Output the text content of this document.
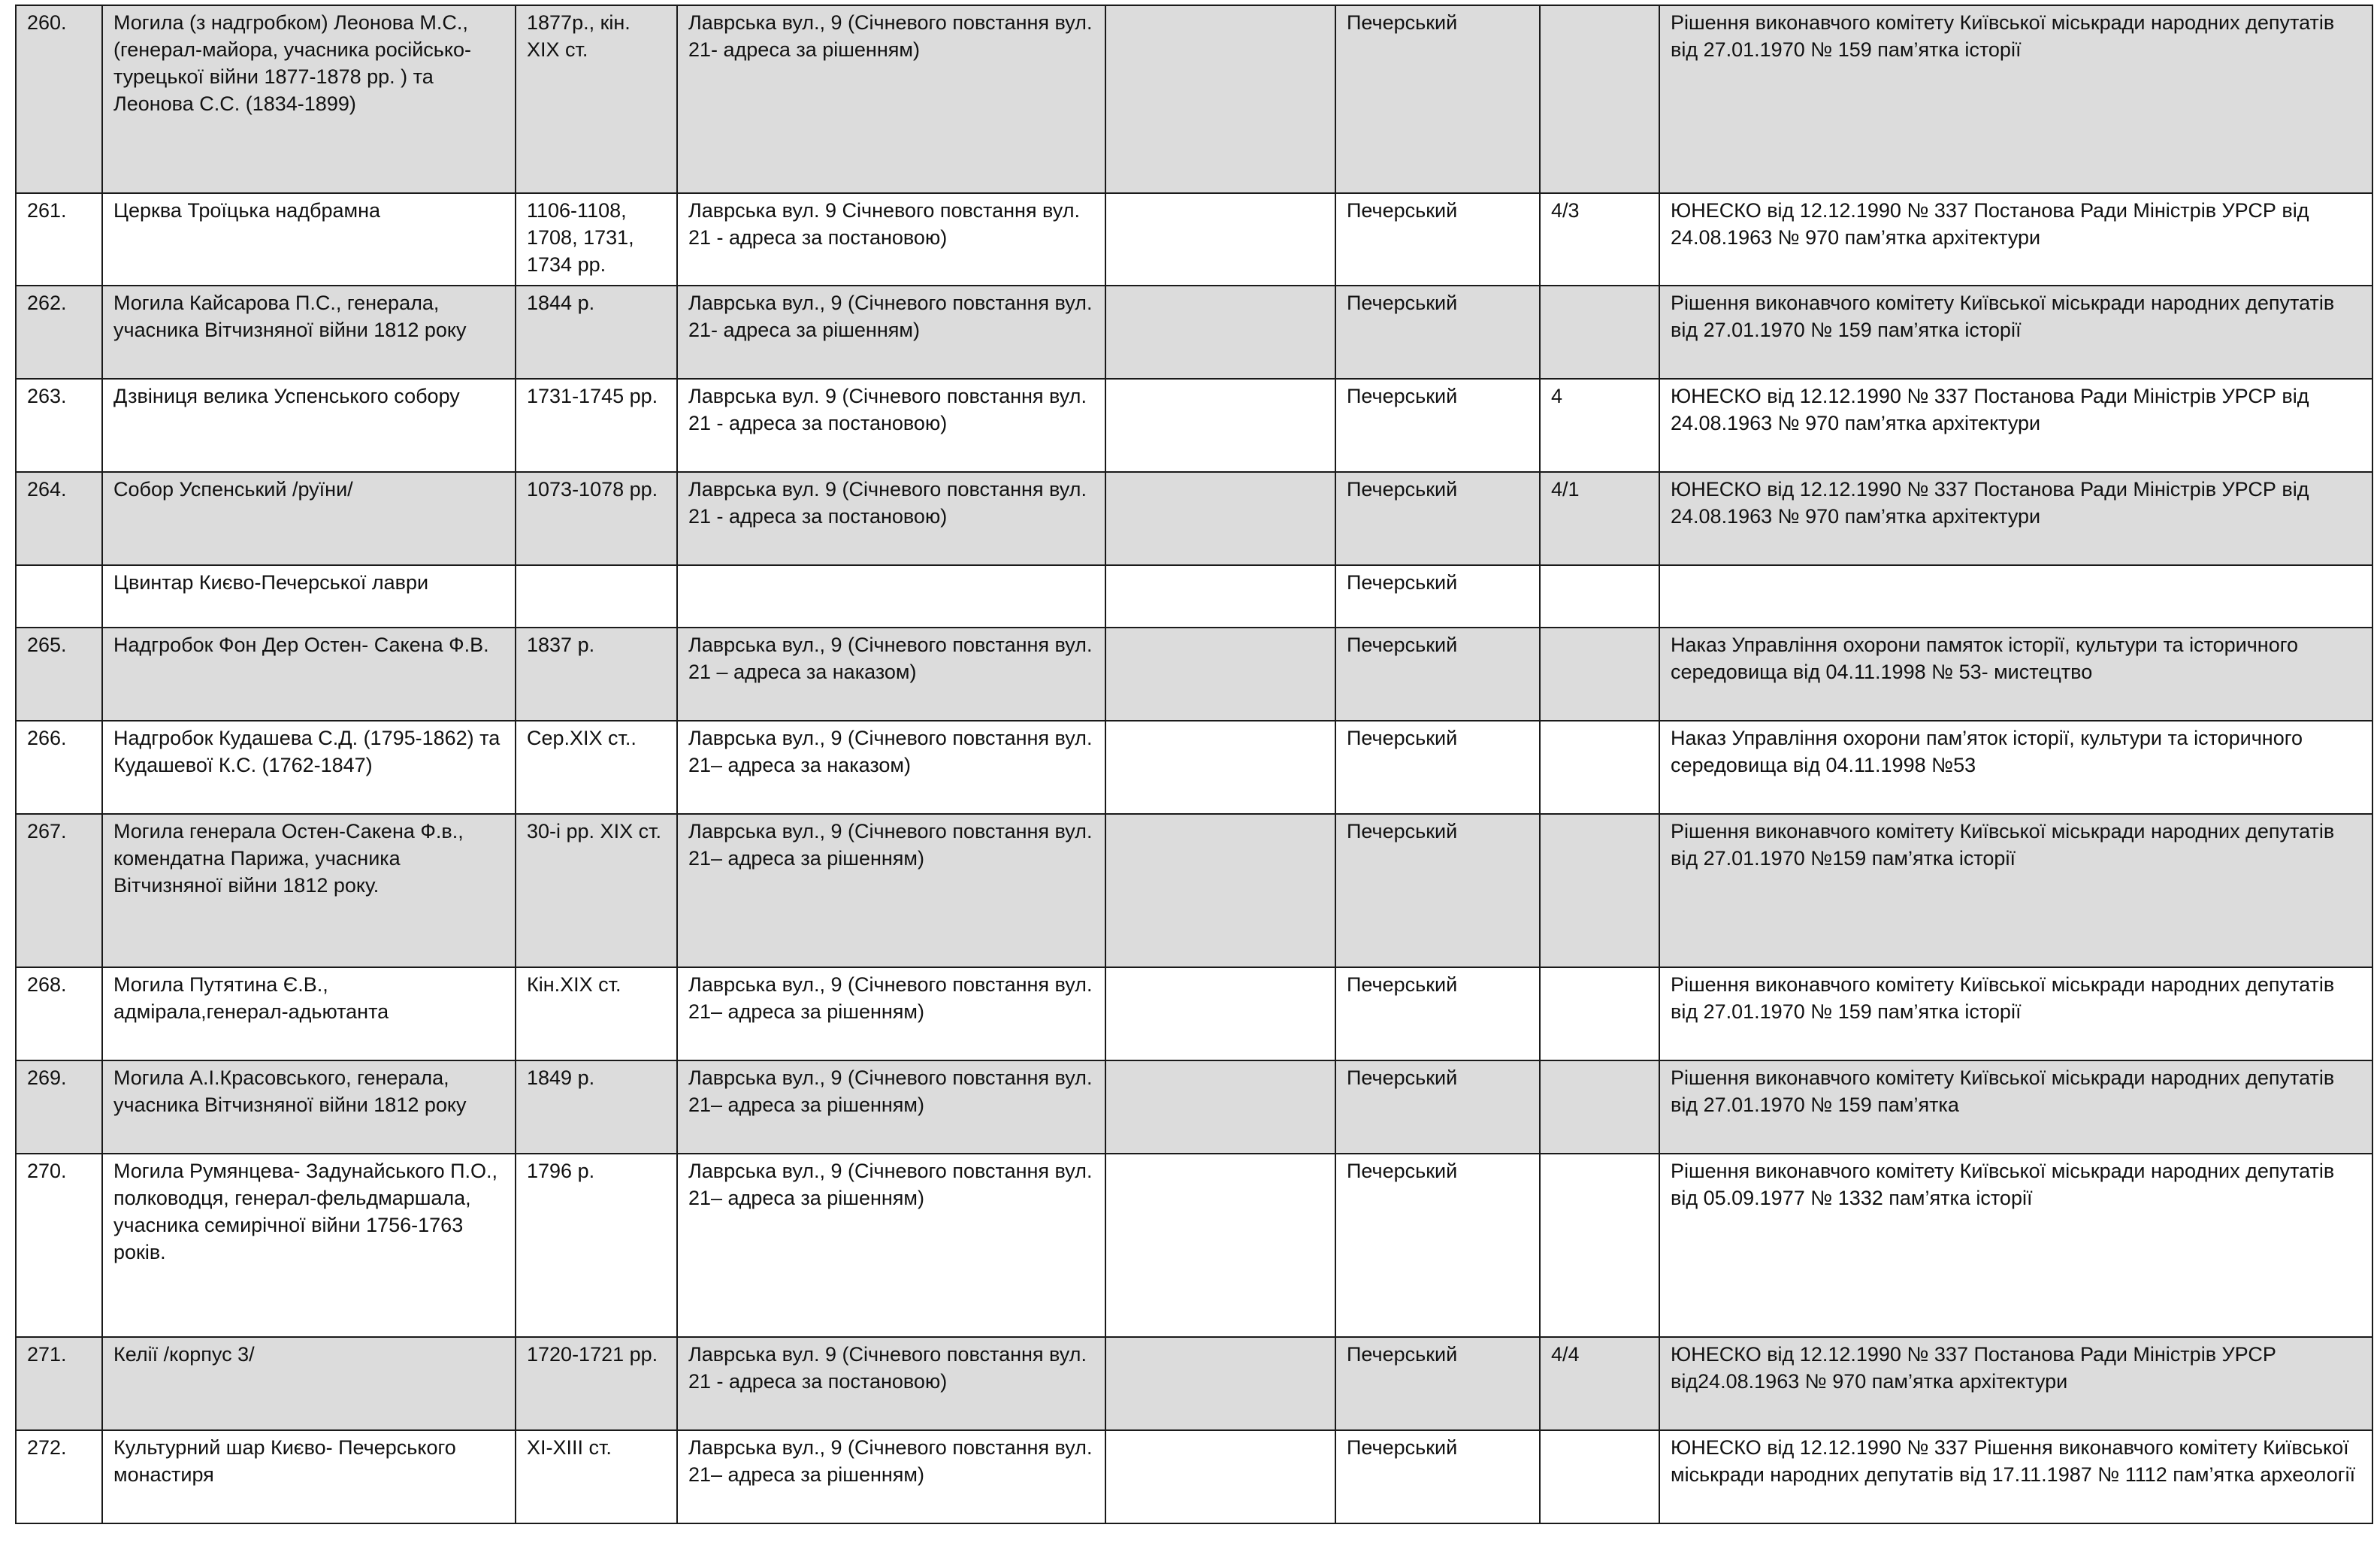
260.	Могила (з надгробком) Леонова М.С., (генерал-майора, учасника російсько-турецької війни 1877-1878 рр. ) та Леонова С.С. (1834-1899)	1877р., кін. XIX ст.	Лаврська вул., 9 (Січневого повстання вул. 21- адреса за рішенням)		Печерський		Рішення виконавчого комітету Київської міськради народних депутатів від 27.01.1970 № 159 пам’ятка історії
261.	Церква Троїцька надбрамна	1106-1108, 1708, 1731, 1734 рр.	Лаврська вул. 9 Січневого повстання вул. 21 - адреса за постановою)		Печерський	4/3	ЮНЕСКО від 12.12.1990 № 337 Постанова Ради Міністрів УРСР від 24.08.1963 № 970 пам’ятка архітектури
262.	Могила Кайсарова П.С., генерала, учасника Вітчизняної війни 1812 року	1844 р.	Лаврська вул., 9 (Січневого повстання вул. 21- адреса за рішенням)		Печерський		Рішення виконавчого комітету Київської міськради народних депутатів від 27.01.1970 № 159 пам’ятка історії
263.	Дзвіниця велика Успенського собору	1731-1745 рр.	Лаврська вул. 9 (Січневого повстання вул. 21 - адреса за постановою)		Печерський	4	ЮНЕСКО від 12.12.1990 № 337 Постанова Ради Міністрів УРСР від 24.08.1963 № 970 пам’ятка архітектури
264.	Собор Успенський /руїни/	1073-1078 рр.	Лаврська вул. 9 (Січневого повстання вул. 21 - адреса за постановою)		Печерський	4/1	ЮНЕСКО від 12.12.1990 № 337 Постанова Ради Міністрів УРСР від 24.08.1963 № 970 пам’ятка архітектури
	Цвинтар Києво-Печерської лаври				Печерський		
265.	Надгробок Фон Дер Остен- Сакена Ф.В.	1837 р.	Лаврська вул., 9 (Січневого повстання вул. 21 – адреса за наказом)		Печерський		Наказ Управління охорони памяток історії, культури та історичного середовища від 04.11.1998 № 53- мистецтво
266.	Надгробок Кудашева С.Д. (1795-1862) та Кудашевої К.С. (1762-1847)	Сер.XIX ст..	Лаврська вул., 9 (Січневого повстання вул. 21– адреса за наказом)		Печерський		Наказ Управління охорони пам’яток історії, культури та історичного середовища від 04.11.1998 №53
267.	Могила генерала Остен-Сакена Ф.в., комендатна Парижа, учасника Вітчизняної війни 1812 року.	30-і рр. XIX ст.	Лаврська вул., 9 (Січневого повстання вул. 21– адреса за рішенням)		Печерський		Рішення виконавчого комітету Київської міськради народних депутатів від 27.01.1970 №159 пам’ятка історії
268.	Могила Путятина Є.В., адмірала,генерал-адьютанта	Кін.XIX ст.	Лаврська вул., 9 (Січневого повстання вул. 21– адреса за рішенням)		Печерський		Рішення виконавчого комітету Київської міськради народних депутатів від 27.01.1970 № 159 пам’ятка історії
269.	Могила А.І.Красовського, генерала, учасника Вітчизняної війни 1812 року	1849 р.	Лаврська вул., 9 (Січневого повстання вул. 21– адреса за рішенням)		Печерський		Рішення виконавчого комітету Київської міськради народних депутатів від 27.01.1970 № 159 пам’ятка
270.	Могила Румянцева- Задунайського П.О., полководця, генерал-фельдмаршала, учасника семирічної війни 1756-1763 років.	1796 р.	Лаврська вул., 9 (Січневого повстання вул. 21– адреса за рішенням)		Печерський		Рішення виконавчого комітету Київської міськради народних депутатів від 05.09.1977 № 1332 пам’ятка історії
271.	Келії /корпус 3/	1720-1721 рр.	Лаврська вул. 9 (Січневого повстання вул. 21 - адреса за постановою)		Печерський	4/4	ЮНЕСКО від 12.12.1990 № 337 Постанова Ради Міністрів УРСР від24.08.1963 № 970 пам’ятка архітектури
272.	Культурний шар Києво- Печерського монастиря	XI-XIII ст.	Лаврська вул., 9 (Січневого повстання вул. 21– адреса за рішенням)		Печерський		ЮНЕСКО від 12.12.1990 № 337 Рішення виконавчого комітету Київської міськради народних депутатів від 17.11.1987 № 1112 пам’ятка археології
